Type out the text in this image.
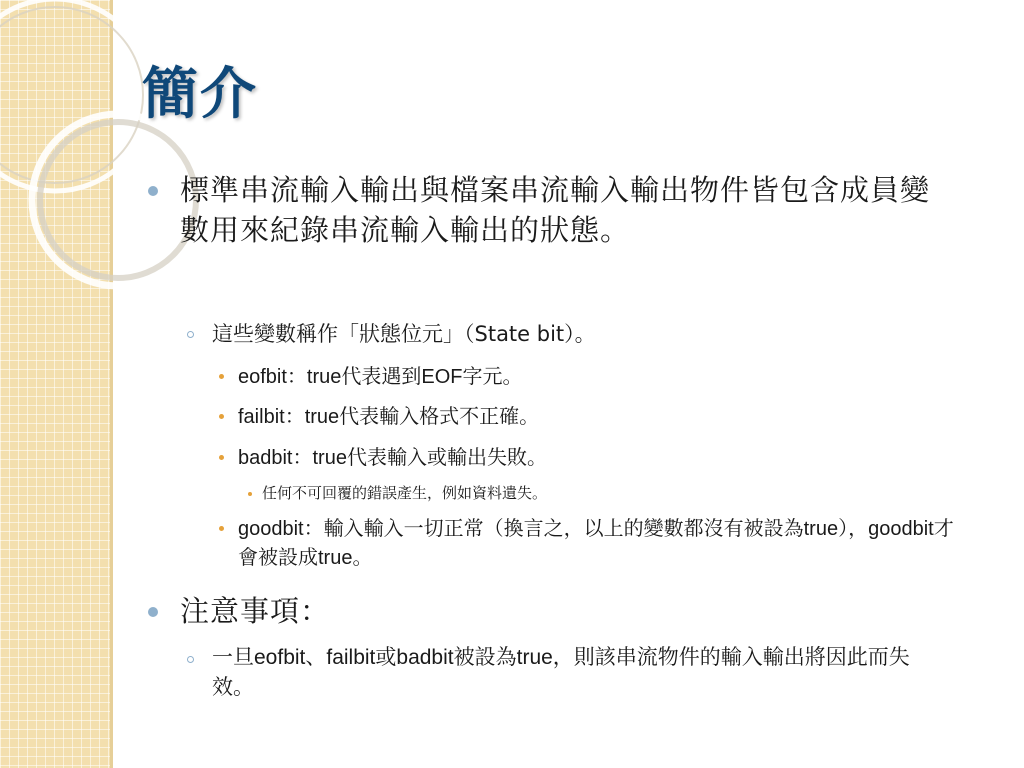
簡介

標準串流輸入輸出與檔案串流輸入輸出物件皆包含成員變數用來紀錄串流輸入輸出的狀態。

這些變數稱作「狀態位元」（State bit）。

eofbit：true代表遇到EOF字元。

failbit：true代表輸入格式不正確。

badbit：true代表輸入或輸出失敗。

任何不可回覆的錯誤產生，例如資料遺失。

goodbit：輸入輸入一切正常（換言之，以上的變數都沒有被設為true），goodbit才會被設成true。

注意事項：

一旦eofbit、failbit或badbit被設為true，則該串流物件的輸入輸出將因此而失效。
